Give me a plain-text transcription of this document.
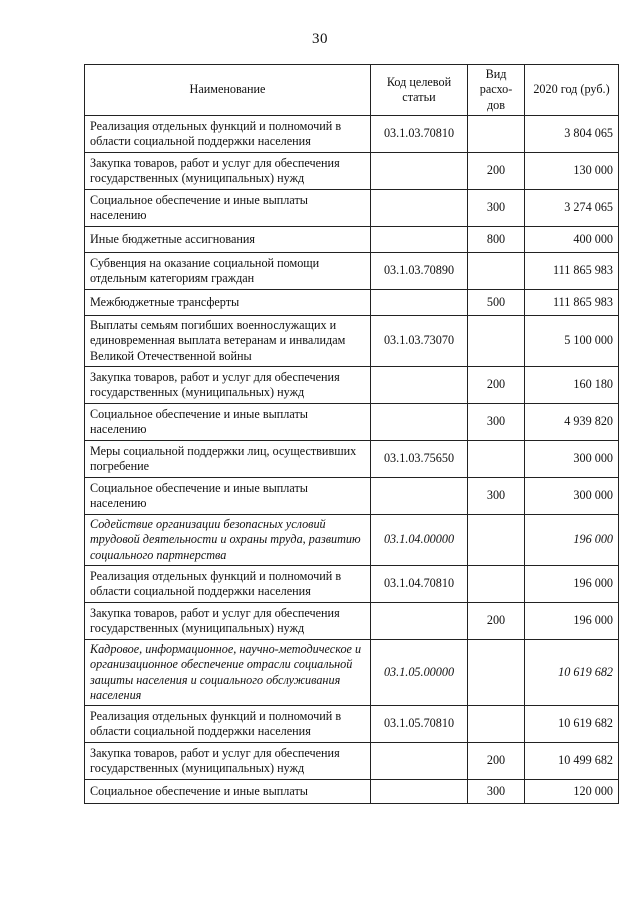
30
Наименование	Код целевой статьи	Вид расхо-дов	2020 год (руб.)
Реализация отдельных функций и полномочий в области социальной поддержки населения	03.1.03.70810		3 804 065
Закупка товаров, работ и услуг для обеспечения государственных (муниципальных) нужд		200	130 000
Социальное обеспечение и иные выплаты населению		300	3 274 065
Иные бюджетные ассигнования		800	400 000
Субвенция на оказание социальной помощи отдельным категориям граждан	03.1.03.70890		111 865 983
Межбюджетные трансферты		500	111 865 983
Выплаты семьям погибших военнослужащих и единовременная выплата ветеранам и инвалидам Великой Отечественной войны	03.1.03.73070		5 100 000
Закупка товаров, работ и услуг для обеспечения государственных (муниципальных) нужд		200	160 180
Социальное обеспечение и иные выплаты населению		300	4 939 820
Меры социальной поддержки лиц, осуществивших погребение	03.1.03.75650		300 000
Социальное обеспечение и иные выплаты населению		300	300 000
Содействие организации безопасных условий трудовой деятельности и охраны труда, развитию социального партнерства	03.1.04.00000		196 000
Реализация отдельных функций и полномочий в области социальной поддержки населения	03.1.04.70810		196 000
Закупка товаров, работ и услуг для обеспечения государственных (муниципальных) нужд		200	196 000
Кадровое, информационное, научно-методическое и организационное обеспечение отрасли социальной защиты населения и социального обслуживания населения	03.1.05.00000		10 619 682
Реализация отдельных функций и полномочий в области социальной поддержки населения	03.1.05.70810		10 619 682
Закупка товаров, работ и услуг для обеспечения государственных (муниципальных) нужд		200	10 499 682
Социальное обеспечение и иные выплаты		300	120 000
